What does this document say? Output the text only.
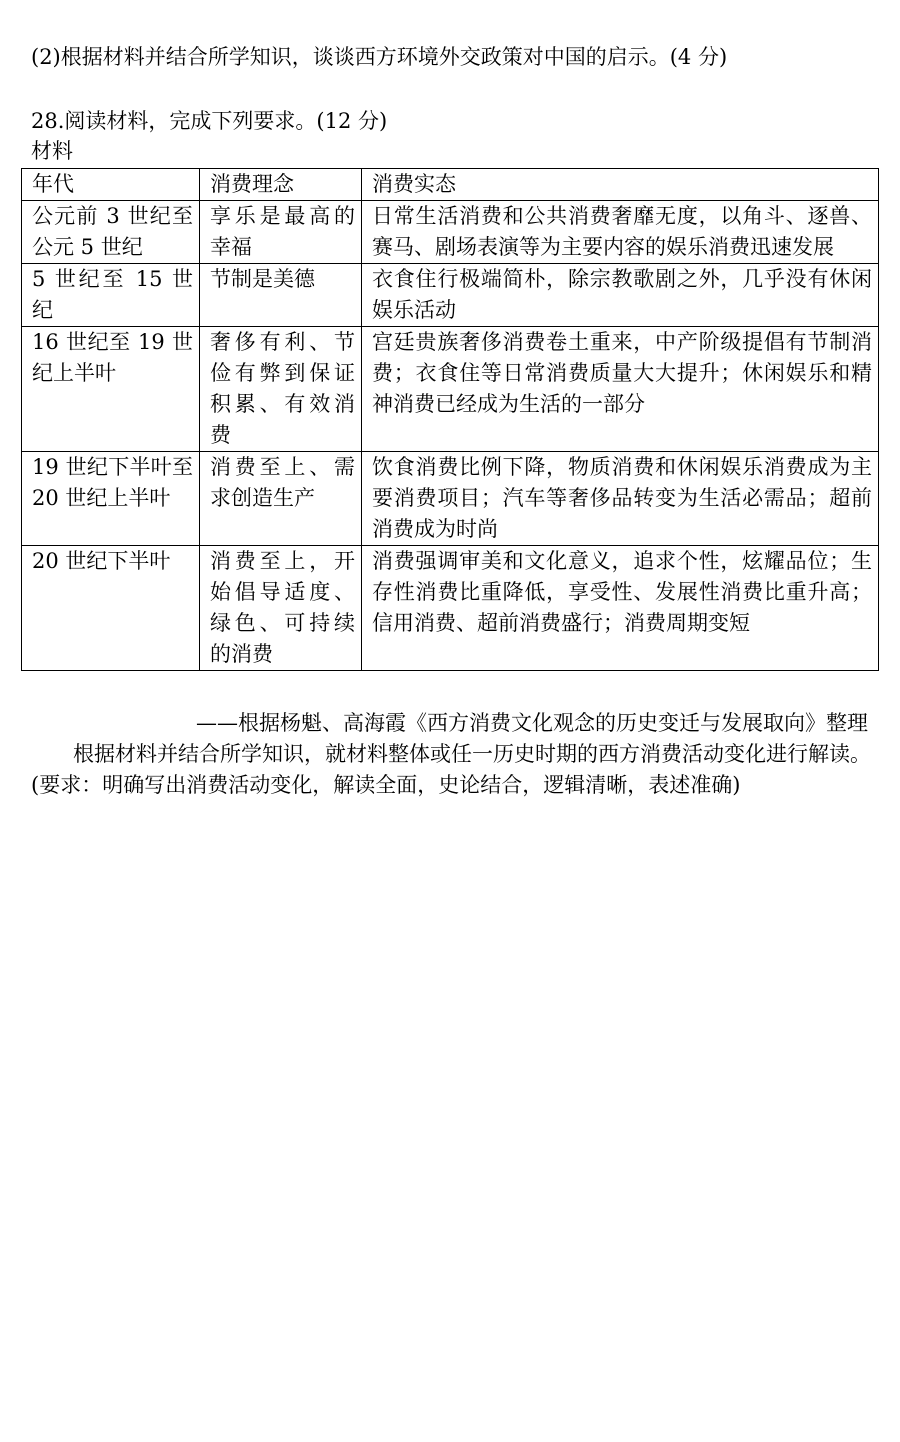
(2)根据材料并结合所学知识，谈谈西方环境外交政策对中国的启示。(4 分)
28.阅读材料，完成下列要求。(12 分)
材料
年代	消费理念	消费实态
公元前 3 世纪至公元 5 世纪	享乐是最高的幸福	日常生活消费和公共消费奢靡无度，以角斗、逐兽、赛马、剧场表演等为主要内容的娱乐消费迅速发展
5 世纪至 15 世纪	节制是美德	衣食住行极端简朴，除宗教歌剧之外，几乎没有休闲娱乐活动
16 世纪至 19 世纪上半叶	奢侈有利、节俭有弊到保证积累、有效消费	宫廷贵族奢侈消费卷土重来，中产阶级提倡有节制消费；衣食住等日常消费质量大大提升；休闲娱乐和精神消费已经成为生活的一部分
19 世纪下半叶至 20 世纪上半叶	消费至上、需求创造生产	饮食消费比例下降，物质消费和休闲娱乐消费成为主要消费项目；汽车等奢侈品转变为生活必需品；超前消费成为时尚
20 世纪下半叶	消费至上，开始倡导适度、绿色、可持续的消费	消费强调审美和文化意义，追求个性，炫耀品位；生存性消费比重降低，享受性、发展性消费比重升高；信用消费、超前消费盛行；消费周期变短
——根据杨魁、高海霞《西方消费文化观念的历史变迁与发展取向》整理
根据材料并结合所学知识，就材料整体或任一历史时期的西方消费活动变化进行解读。(要求：明确写出消费活动变化，解读全面，史论结合，逻辑清晰，表述准确)
